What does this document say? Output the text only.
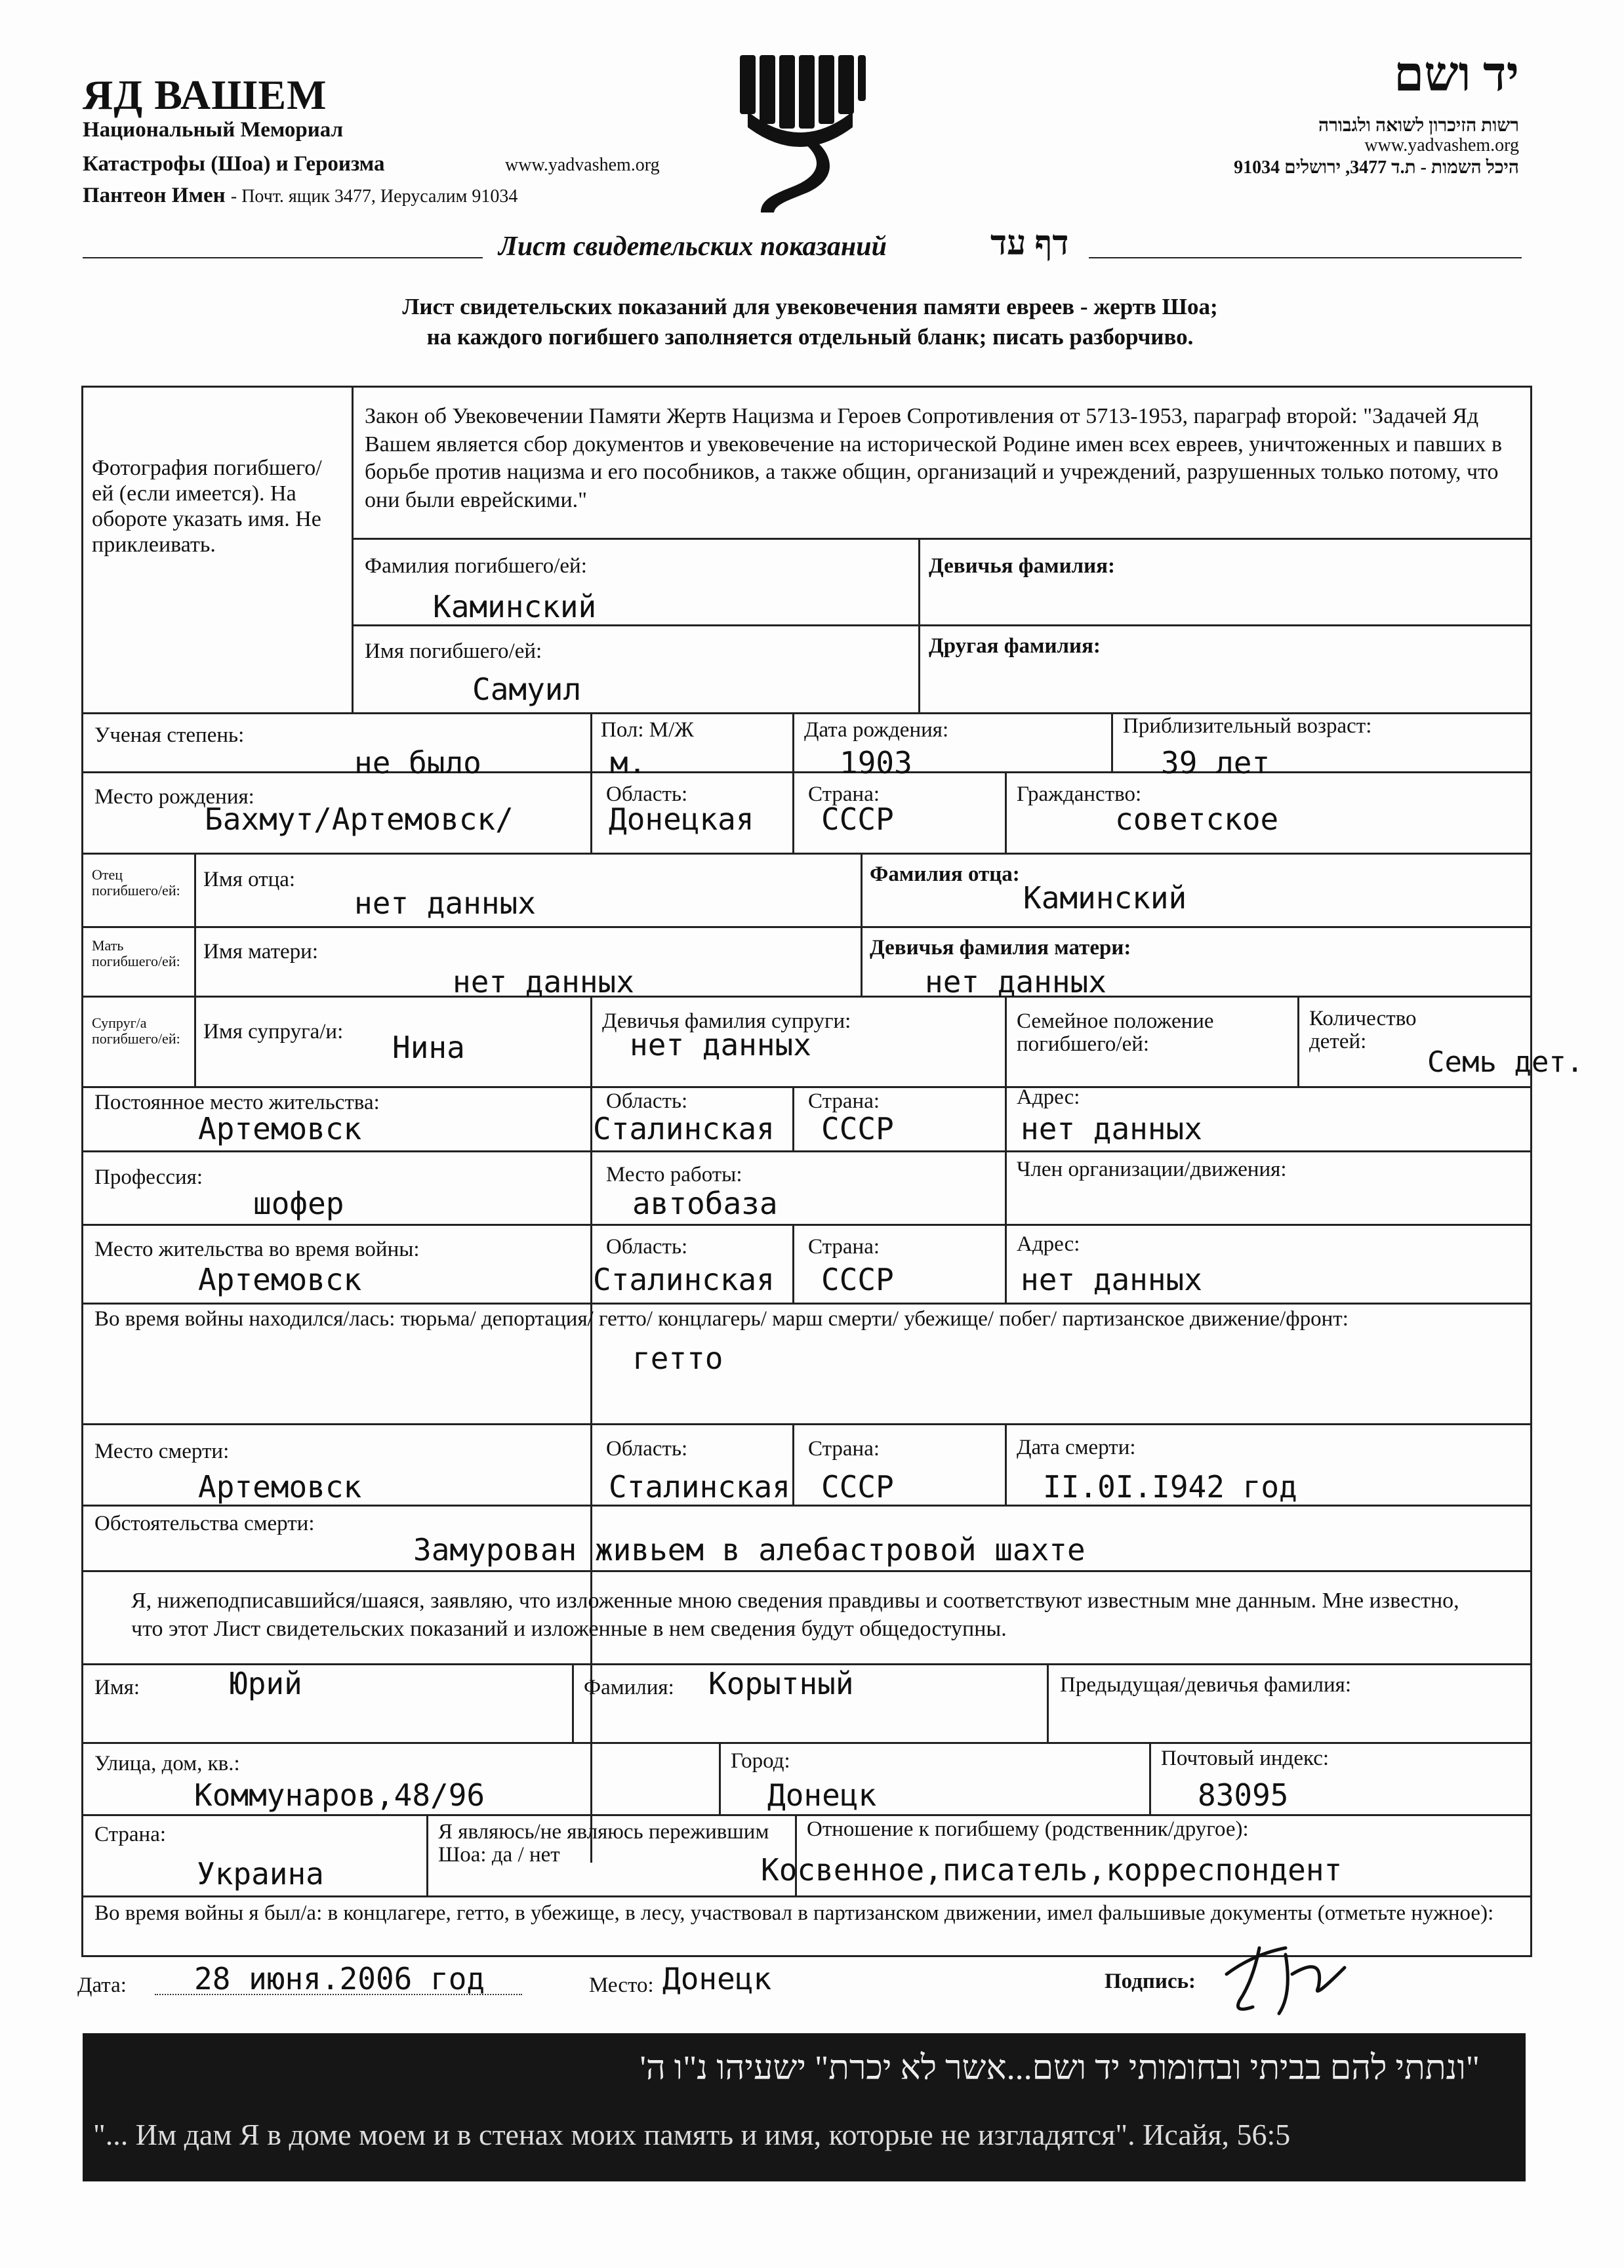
ЯД ВАШЕМ
Национальный Мемориал
Катастрофы (Шоа) и Героизма	www.yadvashem.org
Пантеон Имен - Почт. ящик 3477, Иерусалим 91034
יד ושם
רשות הזיכרון לשואה ולגבורה
www.yadvashem.org
היכל השמות - ת.ד 3477, ירושלים 91034
Лист свидетельских показаний	דף עד
Лист свидетельских показаний для увековечения памяти евреев - жертв Шоа;
на каждого погибшего заполняется отдельный бланк; писать разборчиво.
Фотография погибшего/ей (если имеется). На обороте указать имя. Не приклеивать.
Закон об Увековечении Памяти Жертв Нацизма и Героев Сопротивления от 5713-1953, параграф второй: "Задачей Яд Вашем является сбор документов и увековечение на исторической Родине имен всех евреев, уничтоженных и павших в борьбе против нацизма и его пособников, а также общин, организаций и учреждений, разрушенных только потому, что они были еврейскими."
Фамилия погибшего/ей:
Каминский
Девичья фамилия:
Имя погибшего/ей:
Самуил
Другая фамилия:
Ученая степень:
не было
Пол: М/Ж
м.
Дата рождения:
1903
Приблизительный возраст:
39 лет
Место рождения:
Бахмут/Артемовск/
Область:
Донецкая
Страна:
СССР
Гражданство:
советское
Отец погибшего/ей:	Имя отца:
нет данных
Фамилия отца:
Каминский
Мать погибшего/ей:	Имя матери:
нет данных
Девичья фамилия матери:
нет данных
Супруг/а погибшего/ей:	Имя супруга/и: Нина
Девичья фамилия супруги:
нет данных
Семейное положение погибшего/ей:
Количество детей:
Семь дет.
Постоянное место жительства:
Артемовск
Область:
Сталинская
Страна:
СССР
Адрес:
нет данных
Профессия:
шофер
Место работы:
автобаза
Член организации/движения:
Место жительства во время войны:
Артемовск
Область:
Сталинская
Страна:
СССР
Адрес:
нет данных
Во время войны находился/лась: тюрьма/ депортация/ гетто/ концлагерь/ марш смерти/ убежище/ побег/ партизанское движение/фронт:
гетто
Место смерти:
Артемовск
Область:
Сталинская
Страна:
СССР
Дата смерти:
II.0I.I942 год
Обстоятельства смерти:
Замурован живьем в алебастровой шахте
Я, нижеподписавшийся/шаяся, заявляю, что изложенные мною сведения правдивы и соответствуют известным мне данным. Мне известно, что этот Лист свидетельских показаний и изложенные в нем сведения будут общедоступны.
Имя:	Юрий	Фамилия: Корытный	Предыдущая/девичья фамилия:
Улица, дом, кв.:
Коммунаров,48/96
Город:
Донецк
Почтовый индекс:
83095
Страна:
Украина
Я являюсь/не являюсь пережившим Шоа: да / нет
Отношение к погибшему (родственник/другое):
Косвенное,писатель,корреспондент
Во время войны я был/а: в концлагере, гетто, в убежище, в лесу, участвовал в партизанском движении, имел фальшивые документы (отметьте нужное):
Дата: 28 июня.2006 год	Место: Донецк	Подпись:
"ונתתי להם בביתי ובחומותי יד ושם...אשר לא יכרת" ישעיהו נ"ו ה'
"... Им дам Я в доме моем и в стенах моих память и имя, которые не изгладятся". Исайя, 56:5
